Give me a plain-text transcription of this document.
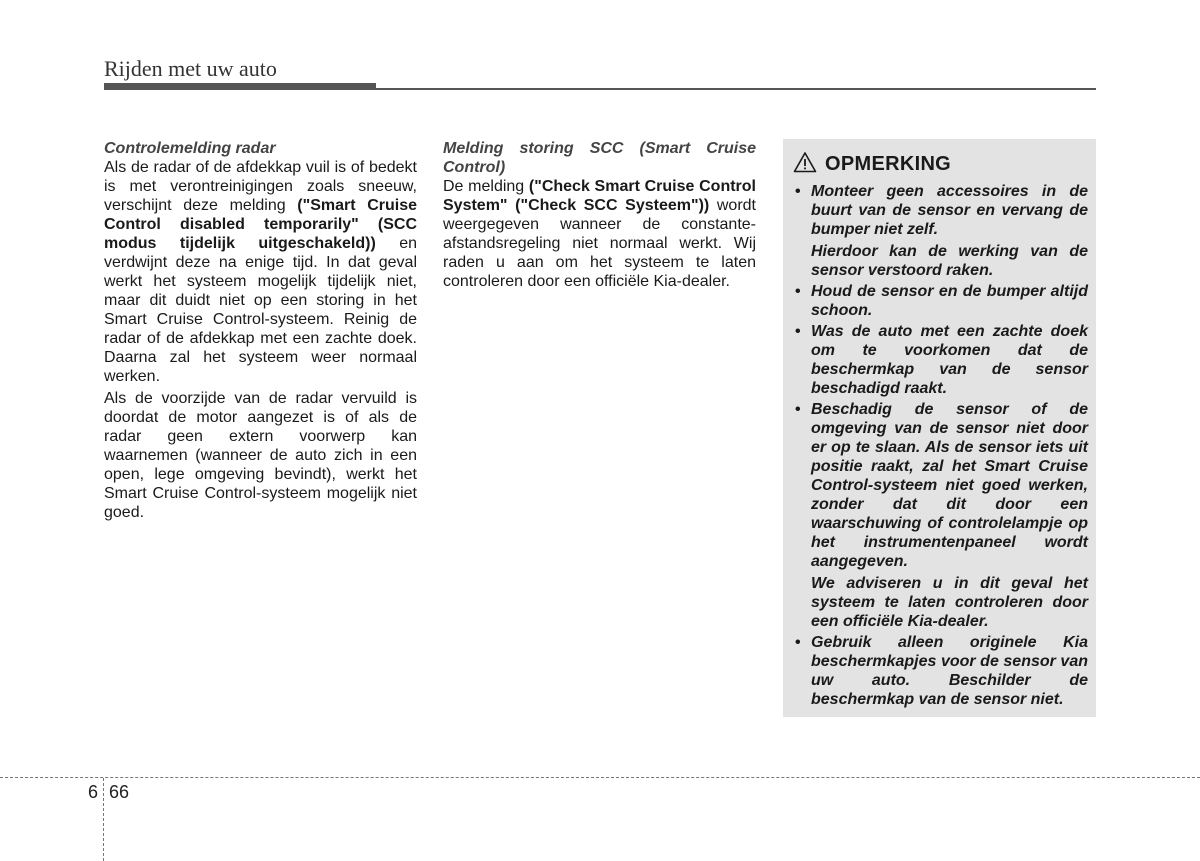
Rijden met uw auto

Controlemelding radar

Als de radar of de afdekkap vuil is of bedekt is met verontreinigingen zoals sneeuw, verschijnt deze melding ("Smart Cruise Control disabled temporarily" (SCC modus tijdelijk uitgeschakeld)) en verdwijnt deze na enige tijd. In dat geval werkt het systeem mogelijk tijdelijk niet, maar dit duidt niet op een storing in het Smart Cruise Control-systeem. Reinig de radar of de afdekkap met een zachte doek. Daarna zal het systeem weer normaal werken.

Als de voorzijde van de radar vervuild is doordat de motor aangezet is of als de radar geen extern voorwerp kan waarnemen (wanneer de auto zich in een open, lege omgeving bevindt), werkt het Smart Cruise Control-systeem mogelijk niet goed.

Melding storing SCC (Smart Cruise Control)

De melding ("Check Smart Cruise Control System" ("Check SCC Systeem")) wordt weergegeven wanneer de constante-afstandsregeling niet normaal werkt. Wij raden u aan om het systeem te laten controleren door een officiële Kia-dealer.

OPMERKING
• Monteer geen accessoires in de buurt van de sensor en vervang de bumper niet zelf.
Hierdoor kan de werking van de sensor verstoord raken.
• Houd de sensor en de bumper altijd schoon.
• Was de auto met een zachte doek om te voorkomen dat de beschermkap van de sensor beschadigd raakt.
• Beschadig de sensor of de omgeving van de sensor niet door er op te slaan. Als de sensor iets uit positie raakt, zal het Smart Cruise Control-systeem niet goed werken, zonder dat dit door een waarschuwing of controlelampje op het instrumentenpaneel wordt aangegeven.
We adviseren u in dit geval het systeem te laten controleren door een officiële Kia-dealer.
• Gebruik alleen originele Kia beschermkapjes voor de sensor van uw auto. Beschilder de beschermkap van de sensor niet.
6 66
